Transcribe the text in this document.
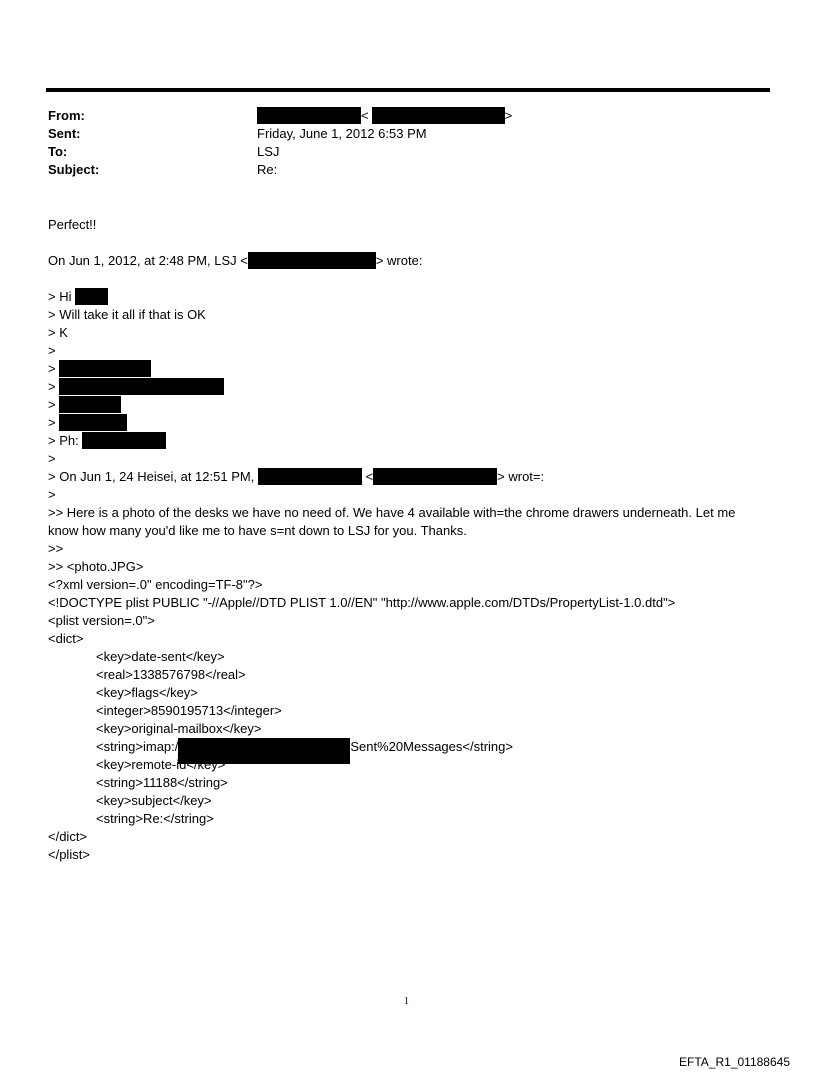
From:	<	>
Sent:	Friday, June 1, 2012 6:53 PM
To:	LSJ
Subject:	Re:
Perfect!!
On Jun 1, 2012, at 2:48 PM, LSJ <	> wrote:
> Hi
> Will take it all if that is OK
> K
>
>
>
>
>
> Ph:
>
> On Jun 1, 24 Heisei, at 12:51 PM,	<	> wrot=:
>
>> Here is a photo of the desks we have no need of. We have 4 available with=the chrome drawers underneath. Let me
know how many you'd like me to have s=nt down to LSJ for you. Thanks.
>>
>> <photo.JPG>
<?xml version=.0" encoding=TF-8"?>
<!DOCTYPE plist PUBLIC "-//Apple//DTD PLIST 1.0//EN" "http://www.apple.com/DTDs/PropertyList-1.0.dtd">
<plist version=.0">
<dict>
<key>date-sent</key>
<real>1338576798</real>
<key>flags</key>
<integer>8590195713</integer>
<key>original-mailbox</key>
<string>imap:/	Sent%20Messages</string>
<key>remote-id</key>
<string>11188</string>
<key>subject</key>
<string>Re:</string>
</dict>
</plist>
1
EFTA_R1_01188645
